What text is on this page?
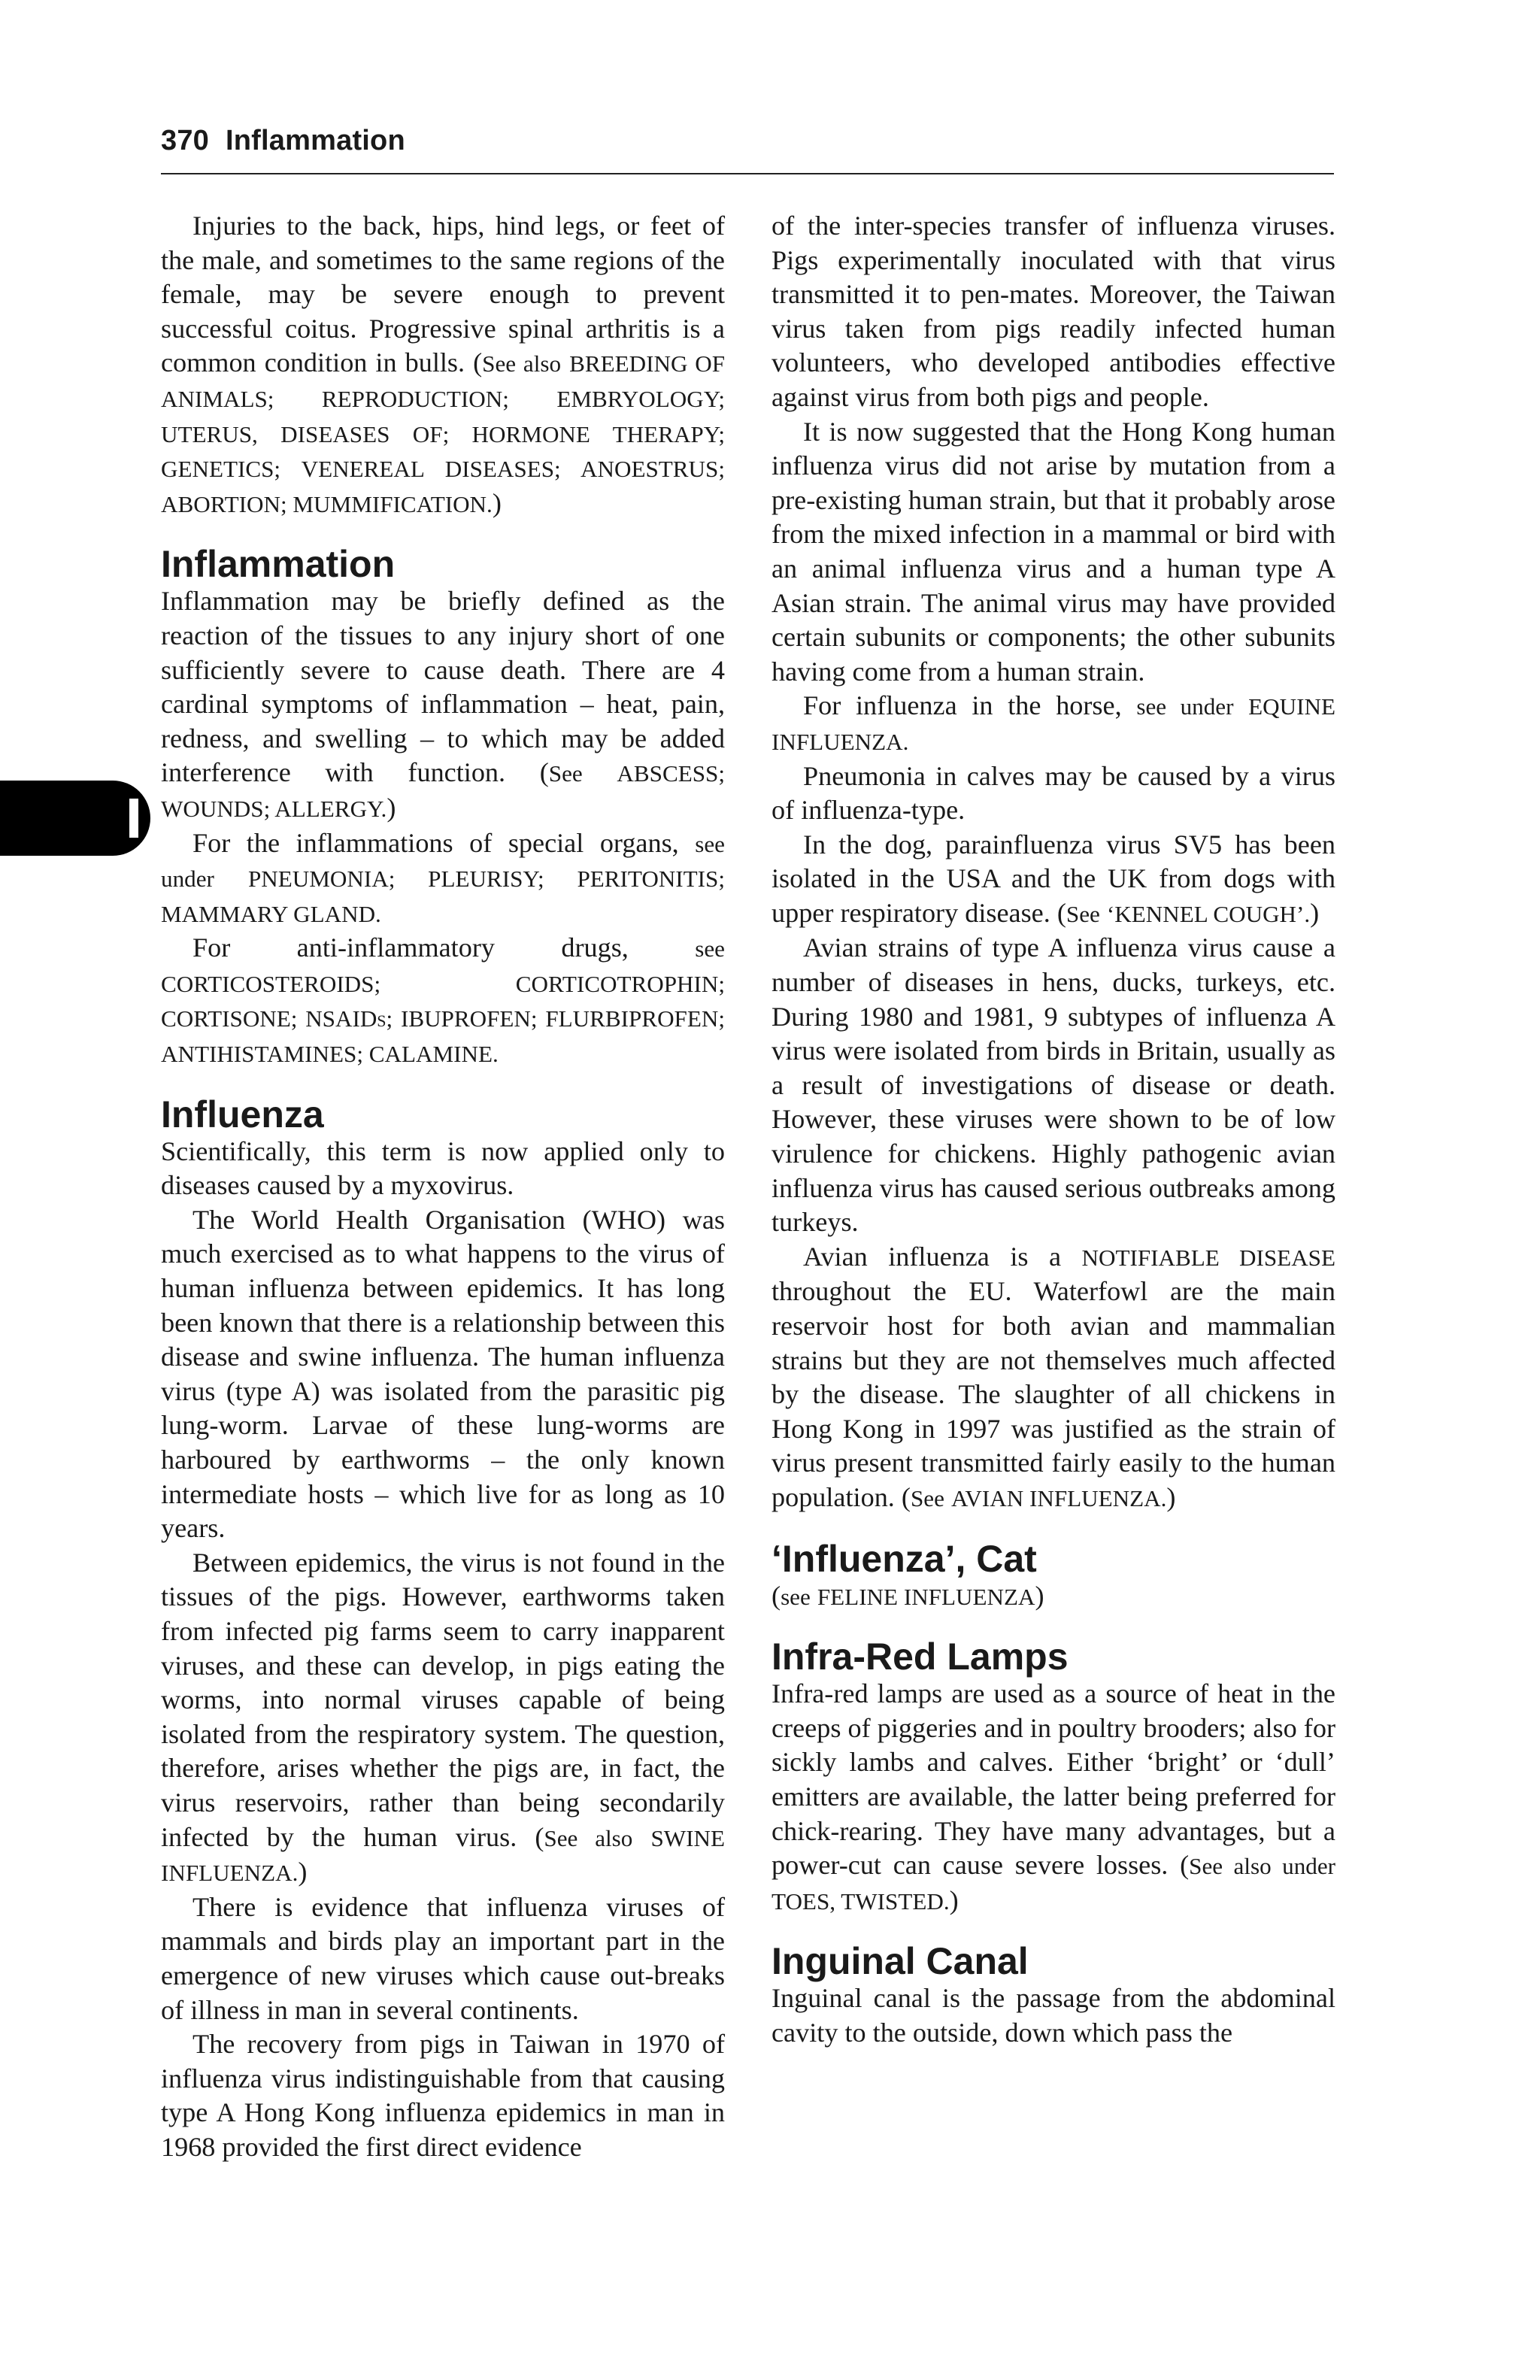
370 Inflammation

Injuries to the back, hips, hind legs, or feet of the male, and sometimes to the same regions of the female, may be severe enough to prevent successful coitus. Progressive spinal arthritis is a common condition in bulls. (See also BREEDING OF ANIMALS; REPRODUCTION; EMBRYOLOGY; UTERUS, DISEASES OF; HORMONE THERAPY; GENETICS; VENEREAL DISEASES; ANOESTRUS; ABORTION; MUMMIFICATION.)

Inflammation

Inflammation may be briefly defined as the reaction of the tissues to any injury short of one sufficiently severe to cause death. There are 4 cardinal symptoms of inflammation – heat, pain, redness, and swelling – to which may be added interference with function. (See ABSCESS; WOUNDS; ALLERGY.)

For the inflammations of special organs, see under PNEUMONIA; PLEURISY; PERITONITIS; MAMMARY GLAND.

For anti-inflammatory drugs, see CORTICOSTEROIDS; CORTICOTROPHIN; CORTISONE; NSAIDs; IBUPROFEN; FLURBIPROFEN; ANTIHISTAMINES; CALAMINE.

Influenza

Scientifically, this term is now applied only to diseases caused by a myxovirus.

The World Health Organisation (WHO) was much exercised as to what happens to the virus of human influenza between epidemics. It has long been known that there is a relationship between this disease and swine influenza. The human influenza virus (type A) was isolated from the parasitic pig lung-worm. Larvae of these lung-worms are harboured by earthworms – the only known intermediate hosts – which live for as long as 10 years.

Between epidemics, the virus is not found in the tissues of the pigs. However, earthworms taken from infected pig farms seem to carry inapparent viruses, and these can develop, in pigs eating the worms, into normal viruses capable of being isolated from the respiratory system. The question, therefore, arises whether the pigs are, in fact, the virus reservoirs, rather than being secondarily infected by the human virus. (See also SWINE INFLUENZA.)

There is evidence that influenza viruses of mammals and birds play an important part in the emergence of new viruses which cause out-breaks of illness in man in several continents.

The recovery from pigs in Taiwan in 1970 of influenza virus indistinguishable from that causing type A Hong Kong influenza epidemics in man in 1968 provided the first direct evidence

of the inter-species transfer of influenza viruses. Pigs experimentally inoculated with that virus transmitted it to pen-mates. Moreover, the Taiwan virus taken from pigs readily infected human volunteers, who developed antibodies effective against virus from both pigs and people.

It is now suggested that the Hong Kong human influenza virus did not arise by mutation from a pre-existing human strain, but that it probably arose from the mixed infection in a mammal or bird with an animal influenza virus and a human type A Asian strain. The animal virus may have provided certain subunits or components; the other subunits having come from a human strain.

For influenza in the horse, see under EQUINE INFLUENZA.

Pneumonia in calves may be caused by a virus of influenza-type.

In the dog, parainfluenza virus SV5 has been isolated in the USA and the UK from dogs with upper respiratory disease. (See ‘KENNEL COUGH’.)

Avian strains of type A influenza virus cause a number of diseases in hens, ducks, turkeys, etc. During 1980 and 1981, 9 subtypes of influenza A virus were isolated from birds in Britain, usually as a result of investigations of disease or death. However, these viruses were shown to be of low virulence for chickens. Highly pathogenic avian influenza virus has caused serious outbreaks among turkeys.

Avian influenza is a NOTIFIABLE DISEASE throughout the EU. Waterfowl are the main reservoir host for both avian and mammalian strains but they are not themselves much affected by the disease. The slaughter of all chickens in Hong Kong in 1997 was justified as the strain of virus present transmitted fairly easily to the human population. (See AVIAN INFLUENZA.)

‘Influenza’, Cat

(see FELINE INFLUENZA)

Infra-Red Lamps

Infra-red lamps are used as a source of heat in the creeps of piggeries and in poultry brooders; also for sickly lambs and calves. Either ‘bright’ or ‘dull’ emitters are available, the latter being preferred for chick-rearing. They have many advantages, but a power-cut can cause severe losses. (See also under TOES, TWISTED.)

Inguinal Canal

Inguinal canal is the passage from the abdominal cavity to the outside, down which pass the
